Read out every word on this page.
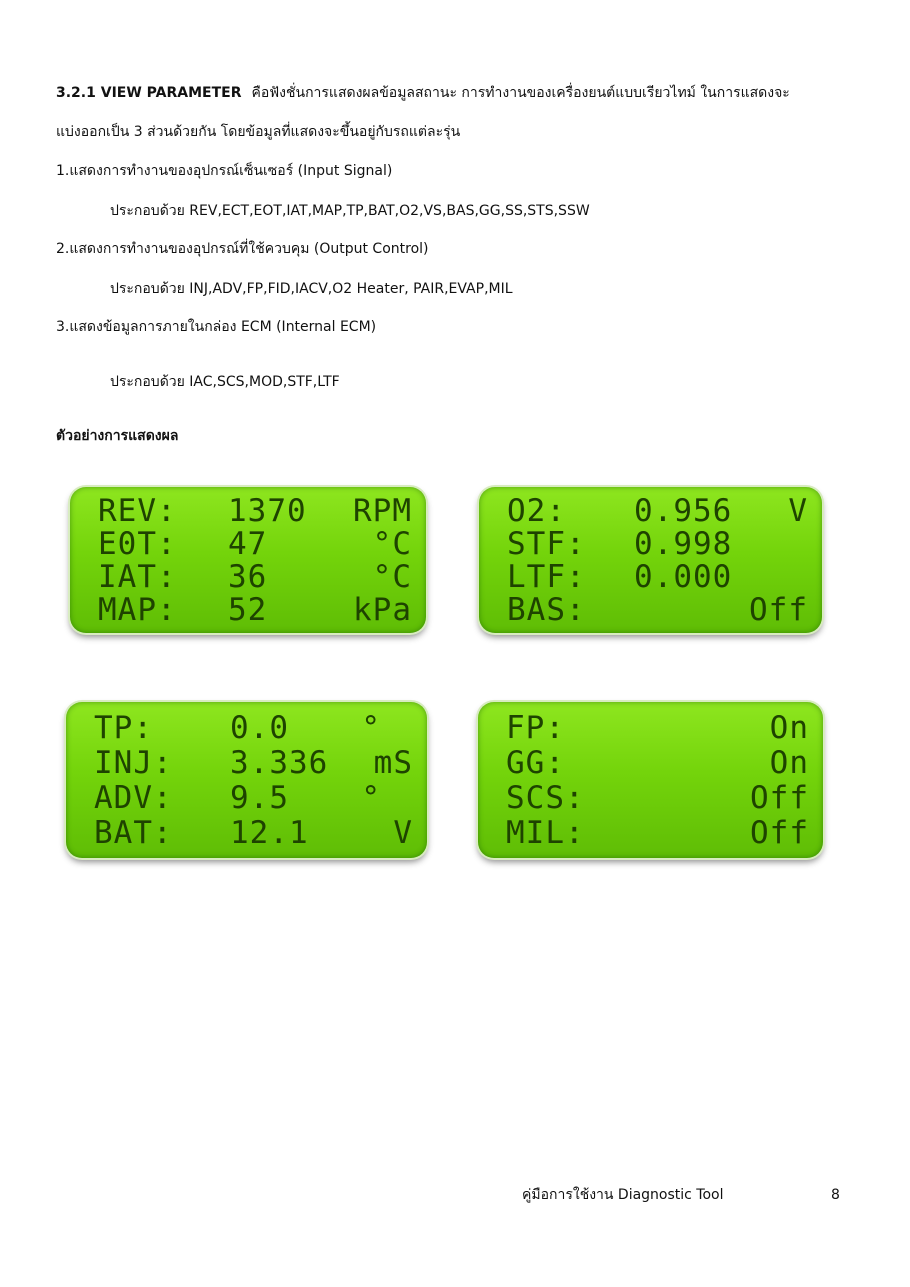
3.2.1 VIEW PARAMETER คือฟังชั่นการแสดงผลข้อมูลสถานะ การทำงานของเครื่องยนต์แบบเรียวไทม์ ในการแสดงจะ
แบ่งออกเป็น 3 ส่วนด้วยกัน โดยข้อมูลที่แสดงจะขึ้นอยู่กับรถแต่ละรุ่น
1.แสดงการทำงานของอุปกรณ์เซ็นเซอร์ (Input Signal)
ประกอบด้วย REV,ECT,EOT,IAT,MAP,TP,BAT,O2,VS,BAS,GG,SS,STS,SSW
2.แสดงการทำงานของอุปกรณ์ที่ใช้ควบคุม (Output Control)
ประกอบด้วย INJ,ADV,FP,FID,IACV,O2 Heater, PAIR,EVAP,MIL
3.แสดงข้อมูลการภายในกล่อง ECM (Internal ECM)
ประกอบด้วย IAC,SCS,MOD,STF,LTF
ตัวอย่างการแสดงผล
REV: 1370 RPM
E0T: 47	°C
IAT: 36	°C
MAP: 52	kPa
O2: 0.956 V
STF: 0.998
LTF: 0.000
BAS:	Off
TP: 0.0 °
INJ: 3.336 mS
ADV: 9.5 °
BAT: 12.1	V
FP:	On
GG:	On
SCS:	Off
MIL:	Off
คู่มือการใช้งาน Diagnostic Tool	8
